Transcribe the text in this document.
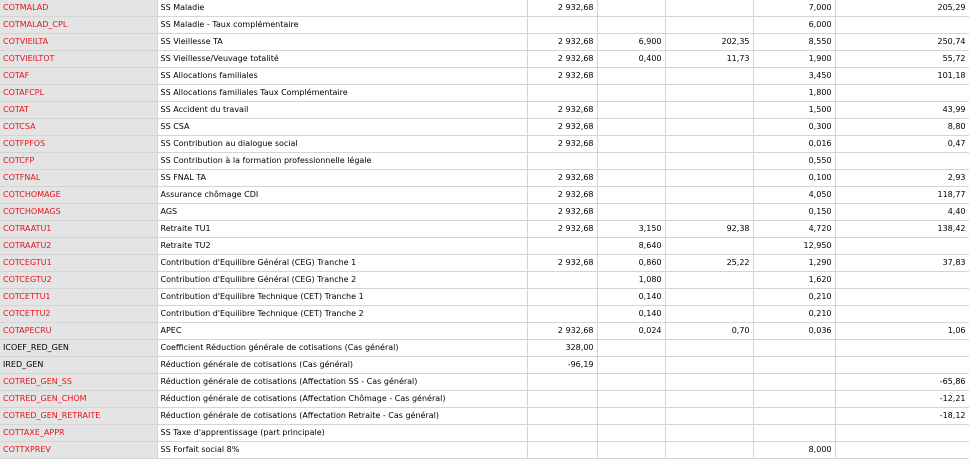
COTMALAD	SS Maladie	2 932,68			7,000	205,29
COTMALAD_CPL	SS Maladie - Taux complémentaire				6,000	
COTVIEILTA	SS Vieillesse TA	2 932,68	6,900	202,35	8,550	250,74
COTVIEILTOT	SS Vieillesse/Veuvage totalité	2 932,68	0,400	11,73	1,900	55,72
COTAF	SS Allocations familiales	2 932,68			3,450	101,18
COTAFCPL	SS Allocations familiales Taux Complémentaire				1,800	
COTAT	SS Accident du travail	2 932,68			1,500	43,99
COTCSA	SS CSA	2 932,68			0,300	8,80
COTFPFOS	SS Contribution au dialogue social	2 932,68			0,016	0,47
COTCFP	SS Contribution à la formation professionnelle légale				0,550	
COTFNAL	SS FNAL TA	2 932,68			0,100	2,93
COTCHOMAGE	Assurance chômage CDI	2 932,68			4,050	118,77
COTCHOMAGS	AGS	2 932,68			0,150	4,40
COTRAATU1	Retraite TU1	2 932,68	3,150	92,38	4,720	138,42
COTRAATU2	Retraite TU2		8,640		12,950	
COTCEGTU1	Contribution d'Equilibre Général (CEG) Tranche 1	2 932,68	0,860	25,22	1,290	37,83
COTCEGTU2	Contribution d'Equilibre Général (CEG) Tranche 2		1,080		1,620	
COTCETTU1	Contribution d'Equilibre Technique (CET) Tranche 1		0,140		0,210	
COTCETTU2	Contribution d'Equilibre Technique (CET) Tranche 2		0,140		0,210	
COTAPECRU	APEC	2 932,68	0,024	0,70	0,036	1,06
ICOEF_RED_GEN	Coefficient Réduction générale de cotisations (Cas général)	328,00				
IRED_GEN	Réduction générale de cotisations (Cas général)	-96,19				
COTRED_GEN_SS	Réduction générale de cotisations (Affectation SS - Cas général)					-65,86
COTRED_GEN_CHOM	Réduction générale de cotisations (Affectation Chômage - Cas général)					-12,21
COTRED_GEN_RETRAITE	Réduction générale de cotisations (Affectation Retraite - Cas général)					-18,12
COTTAXE_APPR	SS Taxe d'apprentissage (part principale)					
COTTXPREV	SS Forfait social 8%				8,000	
